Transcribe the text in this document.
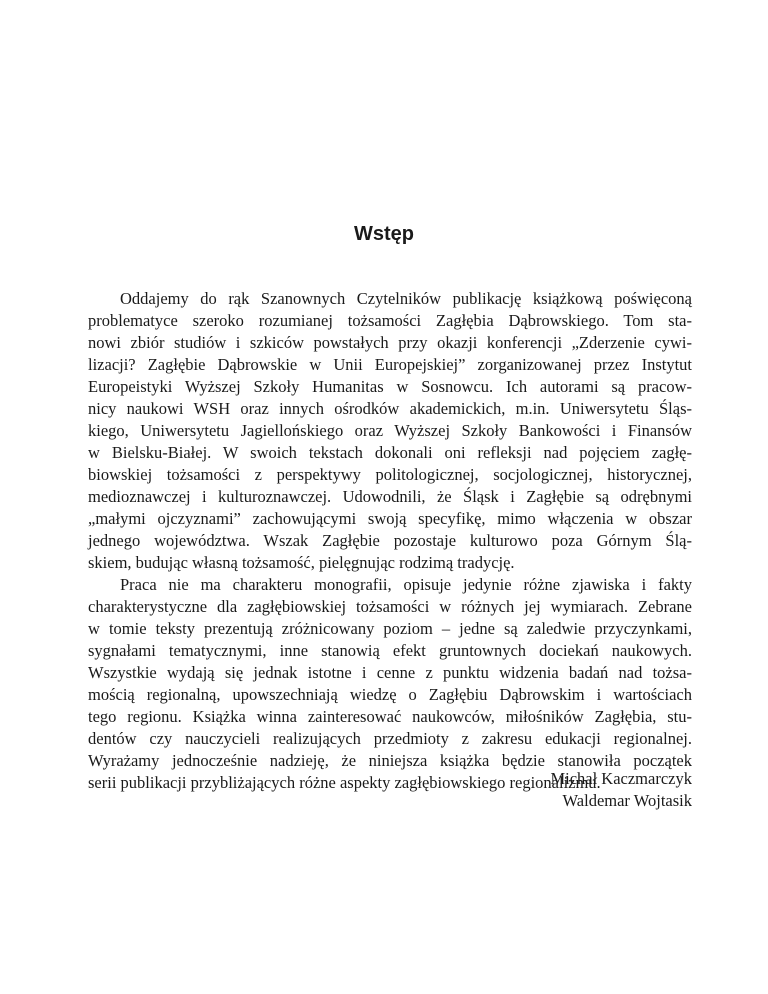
Wstęp
Oddajemy do rąk Szanownych Czytelników publikację książkową poświęconą
problematyce szeroko rozumianej tożsamości Zagłębia Dąbrowskiego. Tom sta-
nowi zbiór studiów i szkiców powstałych przy okazji konferencji „Zderzenie cywi-
lizacji? Zagłębie Dąbrowskie w Unii Europejskiej” zorganizowanej przez Instytut
Europeistyki Wyższej Szkoły Humanitas w Sosnowcu. Ich autorami są pracow-
nicy naukowi WSH oraz innych ośrodków akademickich, m.in. Uniwersytetu Śląs-
kiego, Uniwersytetu Jagiellońskiego oraz Wyższej Szkoły Bankowości i Finansów
w Bielsku-Białej. W swoich tekstach dokonali oni refleksji nad pojęciem zagłę-
biowskiej tożsamości z perspektywy politologicznej, socjologicznej, historycznej,
medioznawczej i kulturoznawczej. Udowodnili, że Śląsk i Zagłębie są odrębnymi
„małymi ojczyznami” zachowującymi swoją specyfikę, mimo włączenia w obszar
jednego województwa. Wszak Zagłębie pozostaje kulturowo poza Górnym Ślą-
skiem, budując własną tożsamość, pielęgnując rodzimą tradycję.
Praca nie ma charakteru monografii, opisuje jedynie różne zjawiska i fakty
charakterystyczne dla zagłębiowskiej tożsamości w różnych jej wymiarach. Zebrane
w tomie teksty prezentują zróżnicowany poziom – jedne są zaledwie przyczynkami,
sygnałami tematycznymi, inne stanowią efekt gruntownych dociekań naukowych.
Wszystkie wydają się jednak istotne i cenne z punktu widzenia badań nad tożsa-
mością regionalną, upowszechniają wiedzę o Zagłębiu Dąbrowskim i wartościach
tego regionu. Książka winna zainteresować naukowców, miłośników Zagłębia, stu-
dentów czy nauczycieli realizujących przedmioty z zakresu edukacji regionalnej.
Wyrażamy jednocześnie nadzieję, że niniejsza książka będzie stanowiła początek
serii publikacji przybliżających różne aspekty zagłębiowskiego regionalizmu.
Michał Kaczmarczyk
Waldemar Wojtasik
